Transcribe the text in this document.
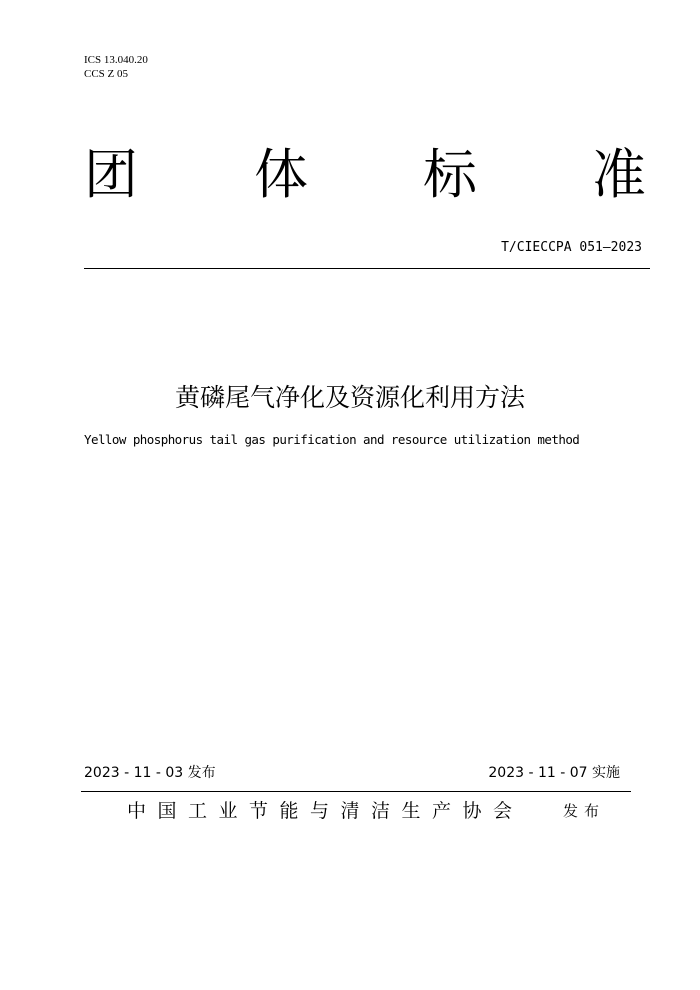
ICS 13.040.20
CCS Z 05
团 体 标 准
T/CIECCPA 051—2023
黄磷尾气净化及资源化利用方法
Yellow phosphorus tail gas purification and resource utilization method
2023 - 11 - 03 发布	2023 - 11 - 07 实施
中国工业节能与清洁生产协会	发布
